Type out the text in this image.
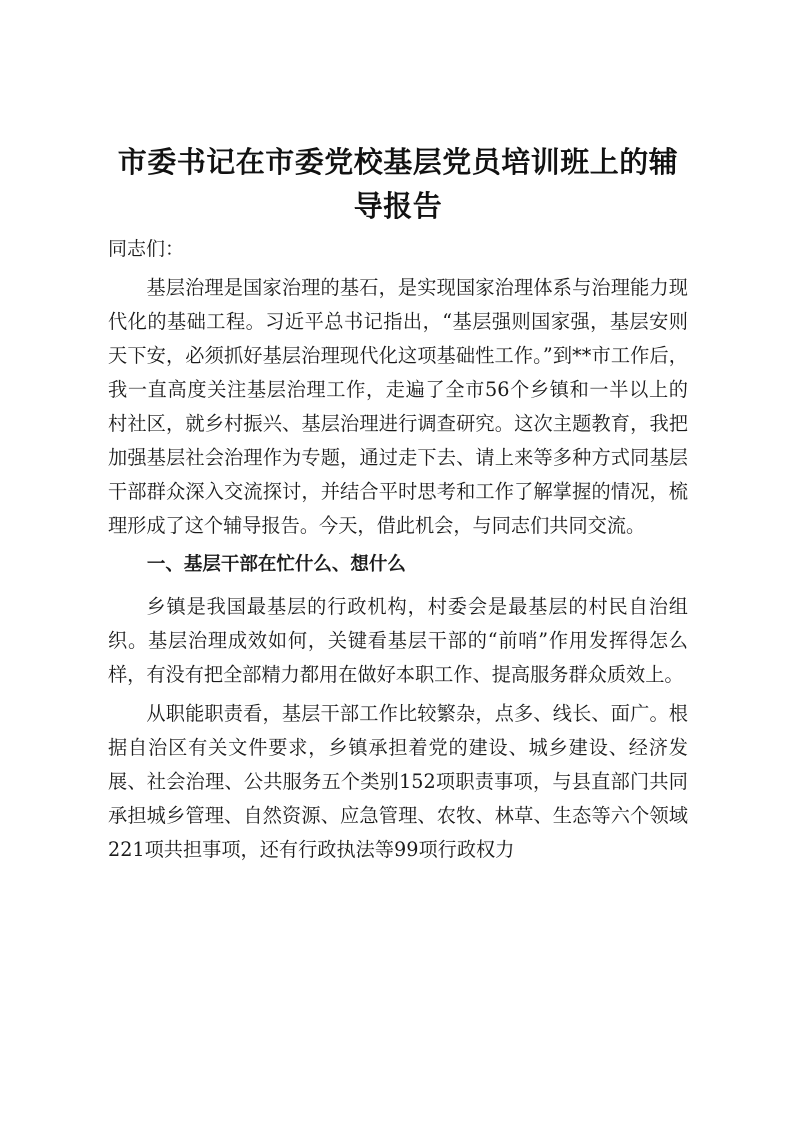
市委书记在市委党校基层党员培训班上的辅导报告
同志们：

基层治理是国家治理的基石，是实现国家治理体系与治理能力现代化的基础工程。习近平总书记指出，“基层强则国家强，基层安则天下安，必须抓好基层治理现代化这项基础性工作。”到**市工作后，我一直高度关注基层治理工作，走遍了全市56个乡镇和一半以上的村社区，就乡村振兴、基层治理进行调查研究。这次主题教育，我把加强基层社会治理作为专题，通过走下去、请上来等多种方式同基层干部群众深入交流探讨，并结合平时思考和工作了解掌握的情况，梳理形成了这个辅导报告。今天，借此机会，与同志们共同交流。

一、基层干部在忙什么、想什么

乡镇是我国最基层的行政机构，村委会是最基层的村民自治组织。基层治理成效如何，关键看基层干部的“前哨”作用发挥得怎么样，有没有把全部精力都用在做好本职工作、提高服务群众质效上。

从职能职责看，基层干部工作比较繁杂，点多、线长、面广。根据自治区有关文件要求，乡镇承担着党的建设、城乡建设、经济发展、社会治理、公共服务五个类别152项职责事项，与县直部门共同承担城乡管理、自然资源、应急管理、农牧、林草、生态等六个领域221项共担事项，还有行政执法等99项行政权力
